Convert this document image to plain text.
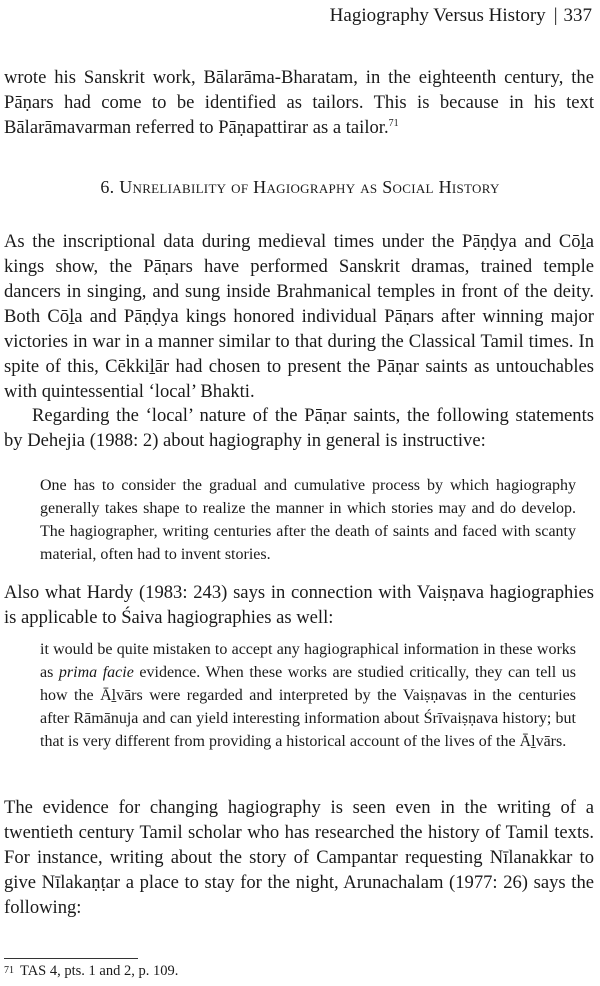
Hagiography Versus History | 337

wrote his Sanskrit work, Bālarāma-Bharatam, in the eighteenth century, the Pāṇars had come to be identified as tailors. This is because in his text Bālarāmavarman referred to Pāṇapattirar as a tailor.$^{71}$

6. Unreliability of Hagiography as Social History

As the inscriptional data during medieval times under the Pāṇḍya and Cōḻa kings show, the Pāṇars have performed Sanskrit dramas, trained temple dancers in singing, and sung inside Brahmanical temples in front of the deity. Both Cōḻa and Pāṇḍya kings honored individual Pāṇars after winning major victories in war in a manner similar to that during the Classical Tamil times. In spite of this, Cēkkiḻār had chosen to present the Pāṇar saints as untouchables with quintessential ‘local’ Bhakti.

Regarding the ‘local’ nature of the Pāṇar saints, the following statements by Dehejia (1988: 2) about hagiography in general is instructive:

One has to consider the gradual and cumulative process by which hagiography generally takes shape to realize the manner in which stories may and do develop. The hagiographer, writing centuries after the death of saints and faced with scanty material, often had to invent stories.

Also what Hardy (1983: 243) says in connection with Vaiṣṇava hagiographies is applicable to Śaiva hagiographies as well:

it would be quite mistaken to accept any hagiographical information in these works as prima facie evidence. When these works are studied critically, they can tell us how the Āḻvārs were regarded and interpreted by the Vaiṣṇavas in the centuries after Rāmānuja and can yield interesting information about Śrīvaiṣṇava history; but that is very different from providing a historical account of the lives of the Āḻvārs.

The evidence for changing hagiography is seen even in the writing of a twentieth century Tamil scholar who has researched the history of Tamil texts. For instance, writing about the story of Campantar requesting Nīlanakkar to give Nīlakaṇṭar a place to stay for the night, Arunachalam (1977: 26) says the following:

$^{71}$ TAS 4, pts. 1 and 2, p. 109.
